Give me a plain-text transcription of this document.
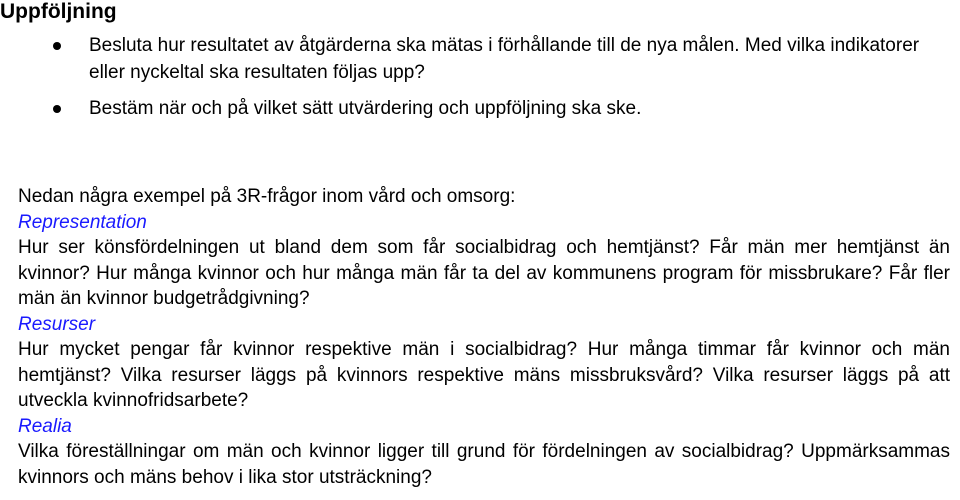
Uppföljning
Besluta hur resultatet av åtgärderna ska mätas i förhållande till de nya målen. Med vilka indikatorer eller nyckeltal ska resultaten följas upp?
Bestäm när och på vilket sätt utvärdering och uppföljning ska ske.

Nedan några exempel på 3R-frågor inom vård och omsorg:

Representation

Hur ser könsfördelningen ut bland dem som får socialbidrag och hemtjänst? Får män mer hemtjänst än kvinnor? Hur många kvinnor och hur många män får ta del av kommunens program för missbrukare? Får fler män än kvinnor budgetrådgivning?

Resurser

Hur mycket pengar får kvinnor respektive män i socialbidrag? Hur många timmar får kvinnor och män hemtjänst? Vilka resurser läggs på kvinnors respektive mäns missbruksvård? Vilka resurser läggs på att utveckla kvinnofridsarbete?

Realia

Vilka föreställningar om män och kvinnor ligger till grund för fördelningen av socialbidrag? Uppmärksammas kvinnors och mäns behov i lika stor utsträckning?
